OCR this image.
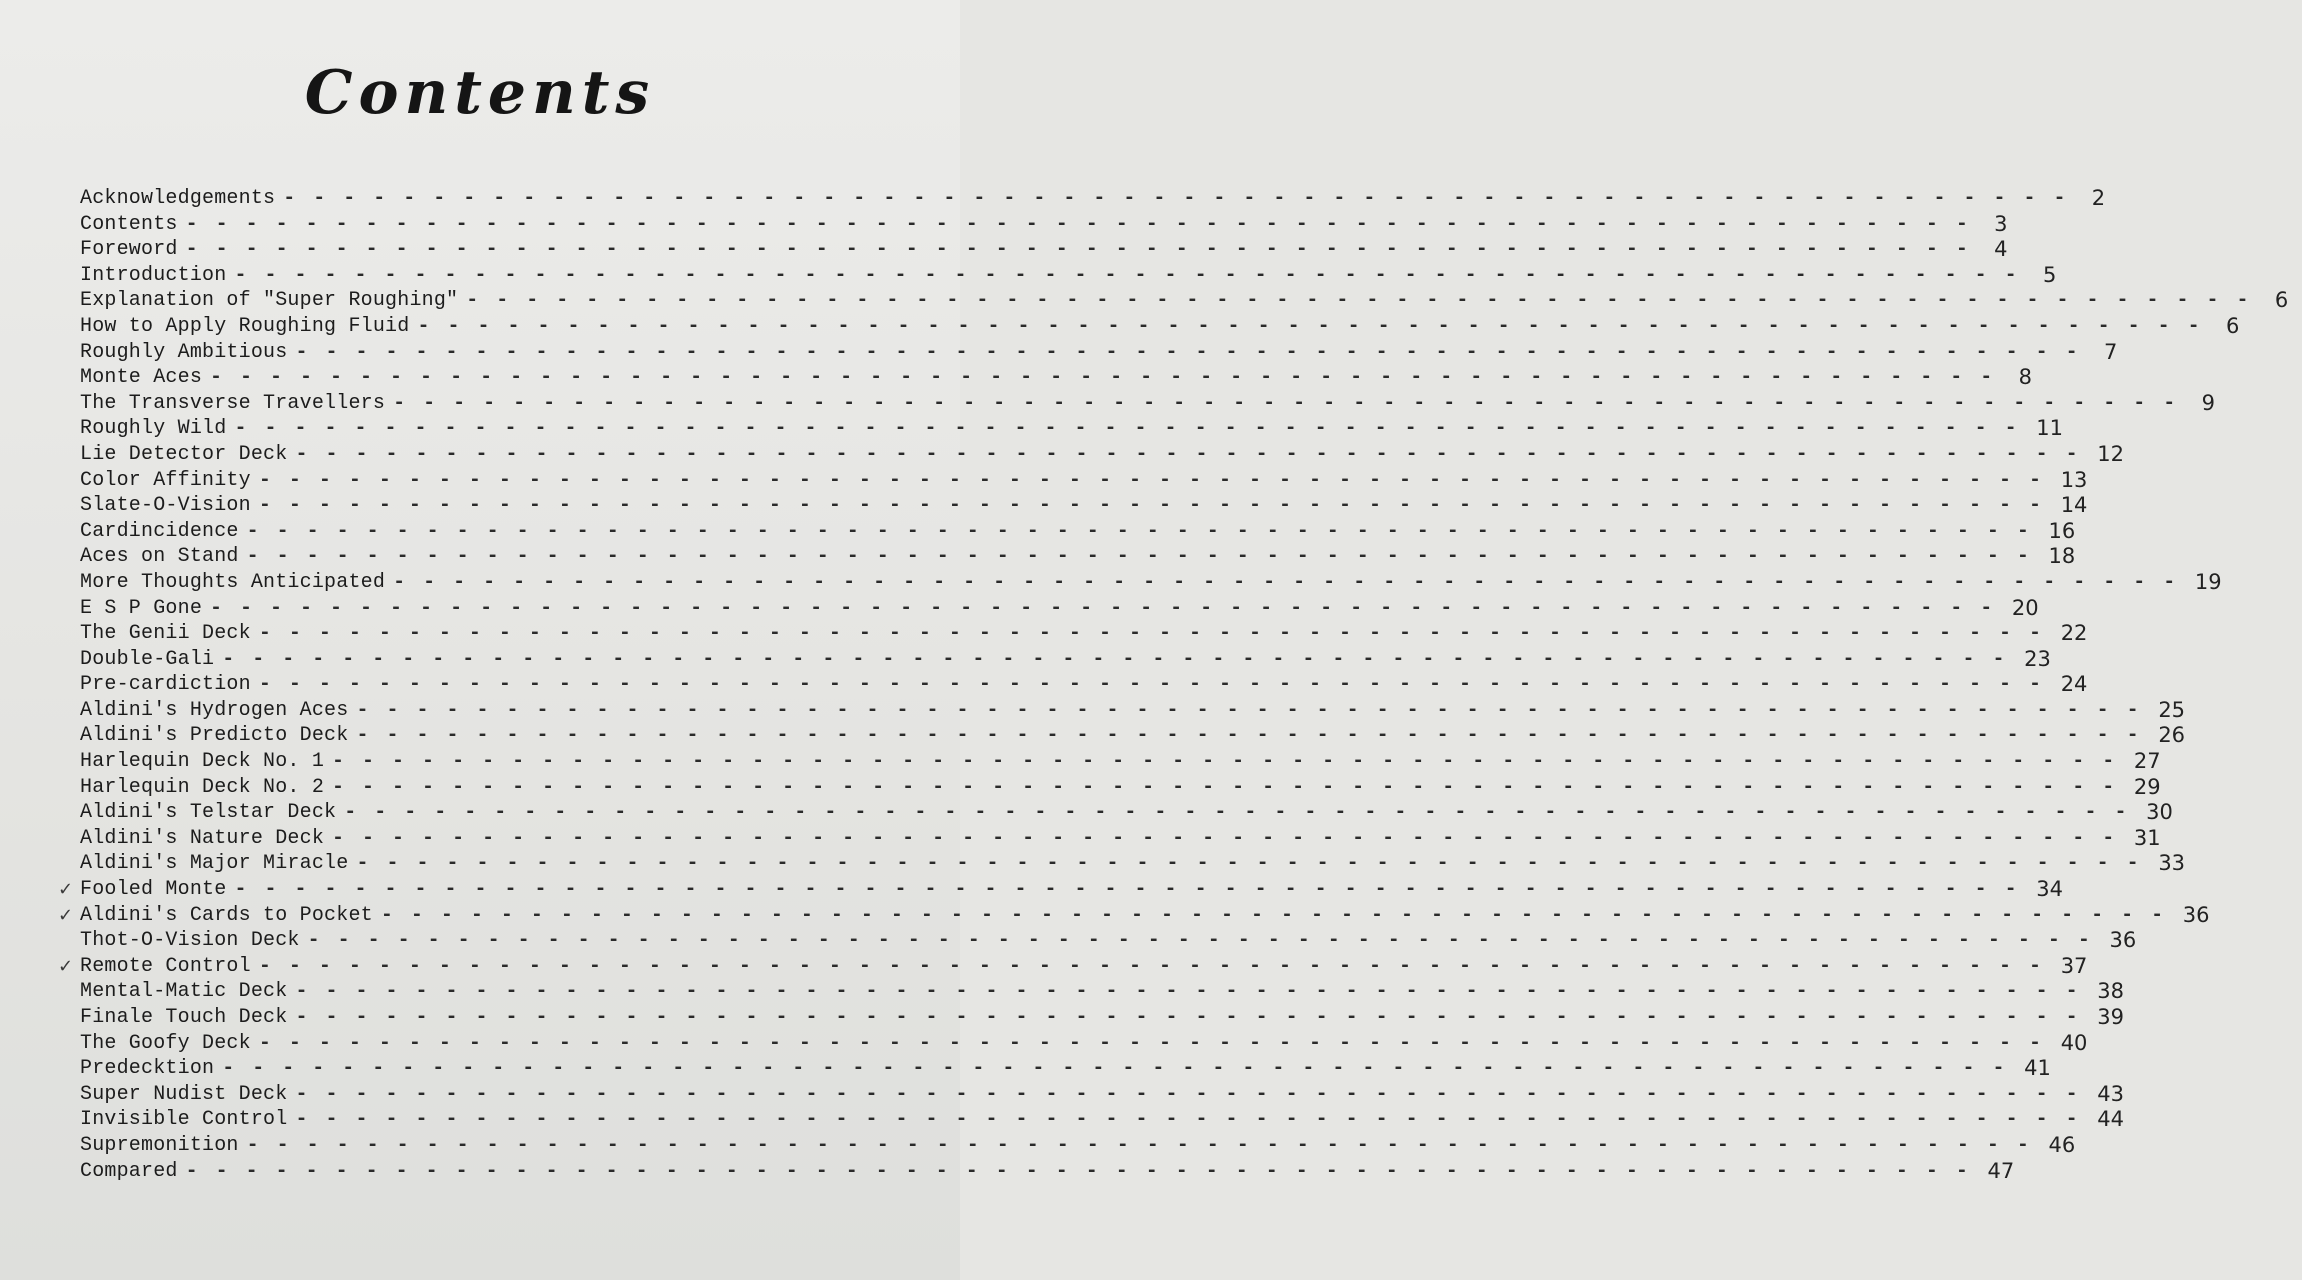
Contents
Acknowledgements - - - - - - - - - - - - - - - - - - - - - - - - - - - - - - - - - - - - - - - - - - - - - - - - - - - - - - - - - - - -	2
Contents - - - - - - - - - - - - - - - - - - - - - - - - - - - - - - - - - - - - - - - - - - - - - - - - - - - - - - - - - - - -	3
Foreword - - - - - - - - - - - - - - - - - - - - - - - - - - - - - - - - - - - - - - - - - - - - - - - - - - - - - - - - - - - -	4
Introduction - - - - - - - - - - - - - - - - - - - - - - - - - - - - - - - - - - - - - - - - - - - - - - - - - - - - - - - - - - - -	5
Explanation of "Super Roughing" - - - - - - - - - - - - - - - - - - - - - - - - - - - - - - - - - - - - - - - - - - - - - - - - - - - - - - - - - - - -	6
How to Apply Roughing Fluid - - - - - - - - - - - - - - - - - - - - - - - - - - - - - - - - - - - - - - - - - - - - - - - - - - - - - - - - - - - -	6
Roughly Ambitious - - - - - - - - - - - - - - - - - - - - - - - - - - - - - - - - - - - - - - - - - - - - - - - - - - - - - - - - - - - -	7
Monte Aces - - - - - - - - - - - - - - - - - - - - - - - - - - - - - - - - - - - - - - - - - - - - - - - - - - - - - - - - - - - -	8
The Transverse Travellers - - - - - - - - - - - - - - - - - - - - - - - - - - - - - - - - - - - - - - - - - - - - - - - - - - - - - - - - - - - -	9
Roughly Wild - - - - - - - - - - - - - - - - - - - - - - - - - - - - - - - - - - - - - - - - - - - - - - - - - - - - - - - - - - - - 11
Lie Detector Deck - - - - - - - - - - - - - - - - - - - - - - - - - - - - - - - - - - - - - - - - - - - - - - - - - - - - - - - - - - - - 12
Color Affinity - - - - - - - - - - - - - - - - - - - - - - - - - - - - - - - - - - - - - - - - - - - - - - - - - - - - - - - - - - - - 13
Slate-O-Vision - - - - - - - - - - - - - - - - - - - - - - - - - - - - - - - - - - - - - - - - - - - - - - - - - - - - - - - - - - - - 14
Cardincidence - - - - - - - - - - - - - - - - - - - - - - - - - - - - - - - - - - - - - - - - - - - - - - - - - - - - - - - - - - - - 16
Aces on Stand - - - - - - - - - - - - - - - - - - - - - - - - - - - - - - - - - - - - - - - - - - - - - - - - - - - - - - - - - - - - 18
More Thoughts Anticipated - - - - - - - - - - - - - - - - - - - - - - - - - - - - - - - - - - - - - - - - - - - - - - - - - - - - - - - - - - - - 19
E S P Gone - - - - - - - - - - - - - - - - - - - - - - - - - - - - - - - - - - - - - - - - - - - - - - - - - - - - - - - - - - - - 20
The Genii Deck - - - - - - - - - - - - - - - - - - - - - - - - - - - - - - - - - - - - - - - - - - - - - - - - - - - - - - - - - - - - 22
Double-Gali - - - - - - - - - - - - - - - - - - - - - - - - - - - - - - - - - - - - - - - - - - - - - - - - - - - - - - - - - - - - 23
Pre-cardiction - - - - - - - - - - - - - - - - - - - - - - - - - - - - - - - - - - - - - - - - - - - - - - - - - - - - - - - - - - - - 24
Aldini's Hydrogen Aces - - - - - - - - - - - - - - - - - - - - - - - - - - - - - - - - - - - - - - - - - - - - - - - - - - - - - - - - - - - - 25
Aldini's Predicto Deck - - - - - - - - - - - - - - - - - - - - - - - - - - - - - - - - - - - - - - - - - - - - - - - - - - - - - - - - - - - - 26
Harlequin Deck No. 1 - - - - - - - - - - - - - - - - - - - - - - - - - - - - - - - - - - - - - - - - - - - - - - - - - - - - - - - - - - - - 27
Harlequin Deck No. 2 - - - - - - - - - - - - - - - - - - - - - - - - - - - - - - - - - - - - - - - - - - - - - - - - - - - - - - - - - - - - 29
Aldini's Telstar Deck - - - - - - - - - - - - - - - - - - - - - - - - - - - - - - - - - - - - - - - - - - - - - - - - - - - - - - - - - - - - 30
Aldini's Nature Deck - - - - - - - - - - - - - - - - - - - - - - - - - - - - - - - - - - - - - - - - - - - - - - - - - - - - - - - - - - - - 31
Aldini's Major Miracle - - - - - - - - - - - - - - - - - - - - - - - - - - - - - - - - - - - - - - - - - - - - - - - - - - - - - - - - - - - - 33
✓ Fooled Monte - - - - - - - - - - - - - - - - - - - - - - - - - - - - - - - - - - - - - - - - - - - - - - - - - - - - - - - - - - - - 34
✓ Aldini's Cards to Pocket - - - - - - - - - - - - - - - - - - - - - - - - - - - - - - - - - - - - - - - - - - - - - - - - - - - - - - - - - - - - 36
Thot-O-Vision Deck - - - - - - - - - - - - - - - - - - - - - - - - - - - - - - - - - - - - - - - - - - - - - - - - - - - - - - - - - - - - 36
✓ Remote Control - - - - - - - - - - - - - - - - - - - - - - - - - - - - - - - - - - - - - - - - - - - - - - - - - - - - - - - - - - - - 37
Mental-Matic Deck - - - - - - - - - - - - - - - - - - - - - - - - - - - - - - - - - - - - - - - - - - - - - - - - - - - - - - - - - - - - 38
Finale Touch Deck - - - - - - - - - - - - - - - - - - - - - - - - - - - - - - - - - - - - - - - - - - - - - - - - - - - - - - - - - - - - 39
The Goofy Deck - - - - - - - - - - - - - - - - - - - - - - - - - - - - - - - - - - - - - - - - - - - - - - - - - - - - - - - - - - - - 40
Predecktion - - - - - - - - - - - - - - - - - - - - - - - - - - - - - - - - - - - - - - - - - - - - - - - - - - - - - - - - - - - - 41
Super Nudist Deck - - - - - - - - - - - - - - - - - - - - - - - - - - - - - - - - - - - - - - - - - - - - - - - - - - - - - - - - - - - - 43
Invisible Control - - - - - - - - - - - - - - - - - - - - - - - - - - - - - - - - - - - - - - - - - - - - - - - - - - - - - - - - - - - - 44
Supremonition - - - - - - - - - - - - - - - - - - - - - - - - - - - - - - - - - - - - - - - - - - - - - - - - - - - - - - - - - - - - 46
Compared - - - - - - - - - - - - - - - - - - - - - - - - - - - - - - - - - - - - - - - - - - - - - - - - - - - - - - - - - - - - 47
